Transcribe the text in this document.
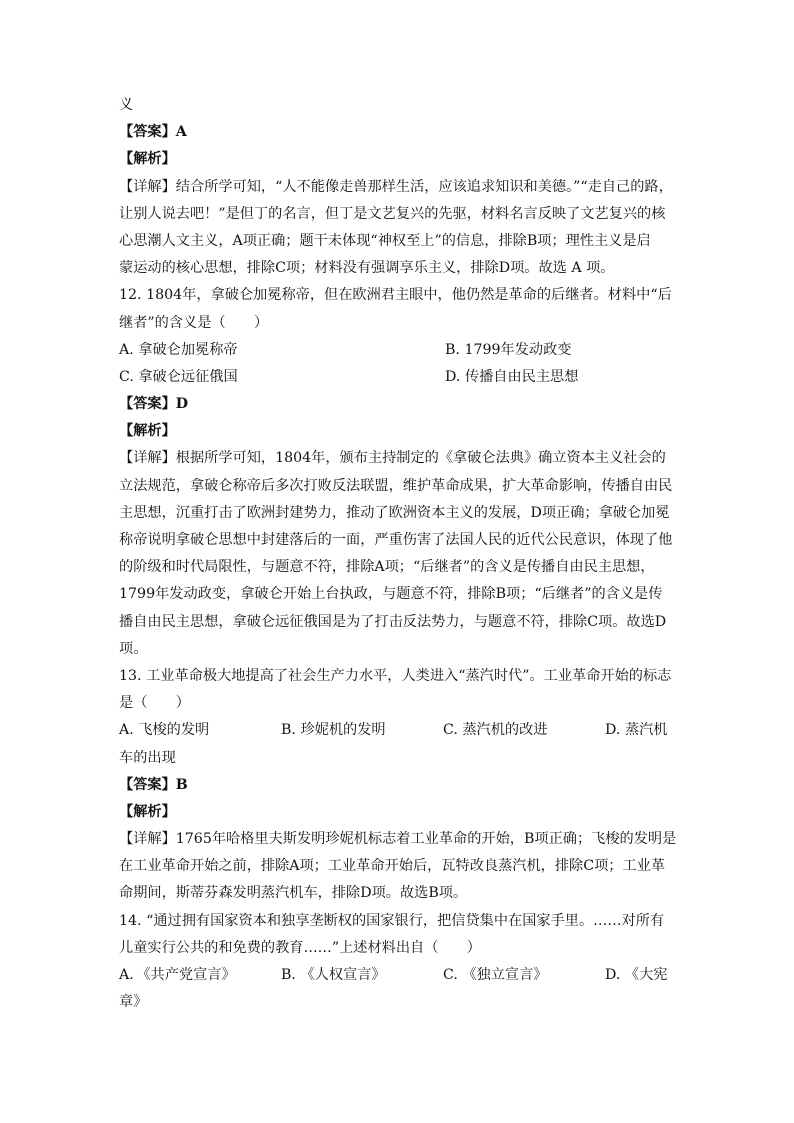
义
【答案】A
【解析】
【详解】结合所学可知，“人不能像走兽那样生活，应该追求知识和美德。”“走自己的路，
让别人说去吧！”是但丁的名言，但丁是文艺复兴的先驱，材料名言反映了文艺复兴的核
心思潮人文主义，A项正确；题干未体现“神权至上”的信息，排除B项；理性主义是启
蒙运动的核心思想，排除C项；材料没有强调享乐主义，排除D项。故选 A 项。
12. 1804年，拿破仑加冕称帝，但在欧洲君主眼中，他仍然是革命的后继者。材料中“后
继者”的含义是（　　）
A. 拿破仑加冕称帝	B. 1799年发动政变
C. 拿破仑远征俄国	D. 传播自由民主思想
【答案】D
【解析】
【详解】根据所学可知，1804年，颁布主持制定的《拿破仑法典》确立资本主义社会的
立法规范，拿破仑称帝后多次打败反法联盟，维护革命成果，扩大革命影响，传播自由民
主思想，沉重打击了欧洲封建势力，推动了欧洲资本主义的发展，D项正确；拿破仑加冕
称帝说明拿破仑思想中封建落后的一面，严重伤害了法国人民的近代公民意识，体现了他
的阶级和时代局限性，与题意不符，排除A项；“后继者”的含义是传播自由民主思想，
1799年发动政变，拿破仑开始上台执政，与题意不符，排除B项；“后继者”的含义是传
播自由民主思想，拿破仑远征俄国是为了打击反法势力，与题意不符，排除C项。故选D
项。
13. 工业革命极大地提高了社会生产力水平，人类进入“蒸汽时代”。工业革命开始的标志
是（　　）
A. 飞梭的发明	B. 珍妮机的发明	C. 蒸汽机的改进	D. 蒸汽机
车的出现
【答案】B
【解析】
【详解】1765年哈格里夫斯发明珍妮机标志着工业革命的开始，B项正确；飞梭的发明是
在工业革命开始之前，排除A项；工业革命开始后，瓦特改良蒸汽机，排除C项；工业革
命期间，斯蒂芬森发明蒸汽机车，排除D项。故选B项。
14. “通过拥有国家资本和独享垄断权的国家银行，把信贷集中在国家手里。……对所有
儿童实行公共的和免费的教育……”上述材料出自（　　）
A．《共产党宣言》	B. 《人权宣言》	C. 《独立宣言》	D. 《大宪
章》
